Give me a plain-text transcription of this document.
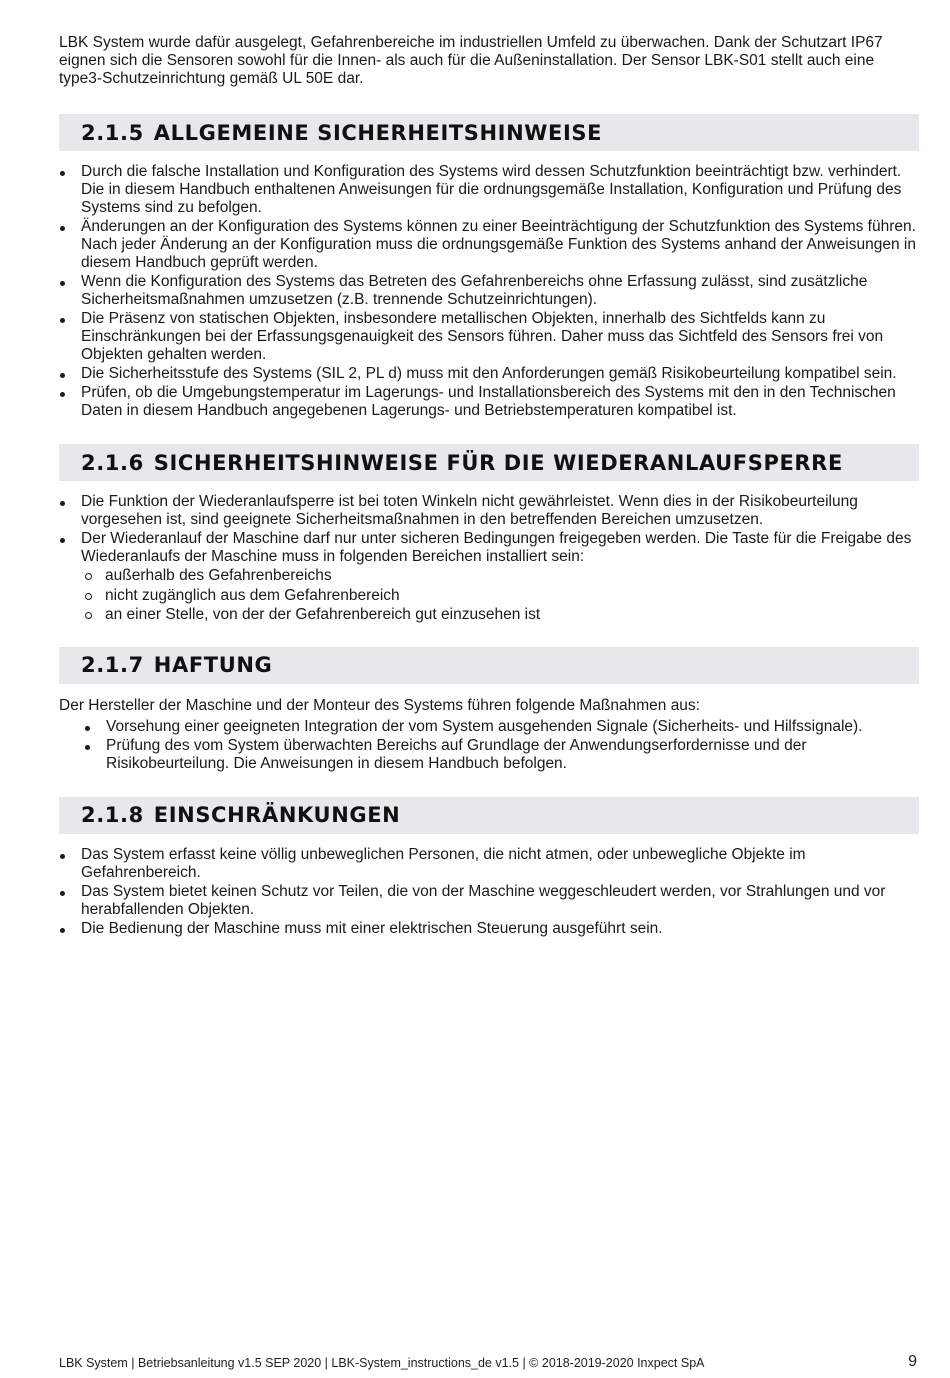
LBK System wurde dafür ausgelegt, Gefahrenbereiche im industriellen Umfeld zu überwachen. Dank der Schutzart IP67 eignen sich die Sensoren sowohl für die Innen- als auch für die Außeninstallation. Der Sensor LBK-S01 stellt auch eine type3-Schutzeinrichtung gemäß UL 50E dar.

2.1.5 ALLGEMEINE SICHERHEITSHINWEISE
Durch die falsche Installation und Konfiguration des Systems wird dessen Schutzfunktion beeinträchtigt bzw. verhindert. Die in diesem Handbuch enthaltenen Anweisungen für die ordnungsgemäße Installation, Konfiguration und Prüfung des Systems sind zu befolgen.
Änderungen an der Konfiguration des Systems können zu einer Beeinträchtigung der Schutzfunktion des Systems führen. Nach jeder Änderung an der Konfiguration muss die ordnungsgemäße Funktion des Systems anhand der Anweisungen in diesem Handbuch geprüft werden.
Wenn die Konfiguration des Systems das Betreten des Gefahrenbereichs ohne Erfassung zulässt, sind zusätzliche Sicherheitsmaßnahmen umzusetzen (z.B. trennende Schutzeinrichtungen).
Die Präsenz von statischen Objekten, insbesondere metallischen Objekten, innerhalb des Sichtfelds kann zu Einschränkungen bei der Erfassungsgenauigkeit des Sensors führen. Daher muss das Sichtfeld des Sensors frei von Objekten gehalten werden.
Die Sicherheitsstufe des Systems (SIL 2, PL d) muss mit den Anforderungen gemäß Risikobeurteilung kompatibel sein.
Prüfen, ob die Umgebungstemperatur im Lagerungs- und Installationsbereich des Systems mit den in den Technischen Daten in diesem Handbuch angegebenen Lagerungs- und Betriebstemperaturen kompatibel ist.
2.1.6 SICHERHEITSHINWEISE FÜR DIE WIEDERANLAUFSPERRE
Die Funktion der Wiederanlaufsperre ist bei toten Winkeln nicht gewährleistet. Wenn dies in der Risikobeurteilung vorgesehen ist, sind geeignete Sicherheitsmaßnahmen in den betreffenden Bereichen umzusetzen.
Der Wiederanlauf der Maschine darf nur unter sicheren Bedingungen freigegeben werden. Die Taste für die Freigabe des Wiederanlaufs der Maschine muss in folgenden Bereichen installiert sein:
außerhalb des Gefahrenbereichs
nicht zugänglich aus dem Gefahrenbereich
an einer Stelle, von der der Gefahrenbereich gut einzusehen ist
2.1.7 HAFTUNG

Der Hersteller der Maschine und der Monteur des Systems führen folgende Maßnahmen aus:

Vorsehung einer geeigneten Integration der vom System ausgehenden Signale (Sicherheits- und Hilfssignale).
Prüfung des vom System überwachten Bereichs auf Grundlage der Anwendungserfordernisse und der Risikobeurteilung. Die Anweisungen in diesem Handbuch befolgen.
2.1.8 EINSCHRÄNKUNGEN
Das System erfasst keine völlig unbeweglichen Personen, die nicht atmen, oder unbewegliche Objekte im Gefahrenbereich.
Das System bietet keinen Schutz vor Teilen, die von der Maschine weggeschleudert werden, vor Strahlungen und vor herabfallenden Objekten.
Die Bedienung der Maschine muss mit einer elektrischen Steuerung ausgeführt sein.
LBK System | Betriebsanleitung v1.5 SEP 2020 | LBK-System_instructions_de v1.5 | © 2018-2019-2020 Inxpect SpA	9
